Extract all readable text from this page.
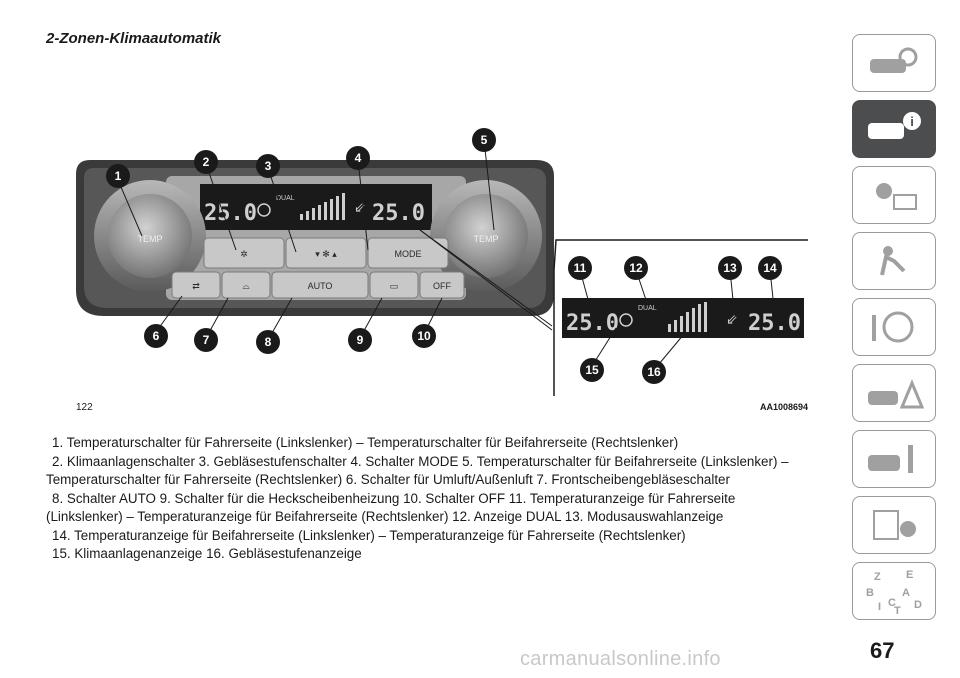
2-Zonen-Klimaautomatik
25.0	25.0
DUAL
⇙
TEMP	TEMP
✲	▾ ✻ ▴	MODE
⇄	⌓	AUTO	▭	OFF
25.0	25.0
DUAL
⇙
1
2	3
4
5
6	7	8	9	10
11	12	13 14
15	16
122	AA1008694

1. Temperaturschalter für Fahrerseite (Linkslenker) – Temperaturschalter für Beifahrerseite (Rechtslenker)
2. Klimaanlagenschalter 3. Gebläsestufenschalter 4. Schalter MODE 5. Temperaturschalter für Beifahrerseite (Linkslenker) –
Temperaturschalter für Fahrerseite (Rechtslenker) 6. Schalter für Umluft/Außenluft 7. Frontscheibengebläseschalter
8. Schalter AUTO 9. Schalter für die Heckscheibenheizung 10. Schalter OFF 11. Temperaturanzeige für Fahrerseite
(Linkslenker) – Temperaturanzeige für Beifahrerseite (Rechtslenker) 12. Anzeige DUAL 13. Modusauswahlanzeige
14. Temperaturanzeige für Beifahrerseite (Linkslenker) – Temperaturanzeige für Fahrerseite (Rechtslenker)
15. Klimaanlagenanzeige 16. Gebläsestufenanzeige

i
Z E
B	A
I C
T D
67
carmanualsonline.info
